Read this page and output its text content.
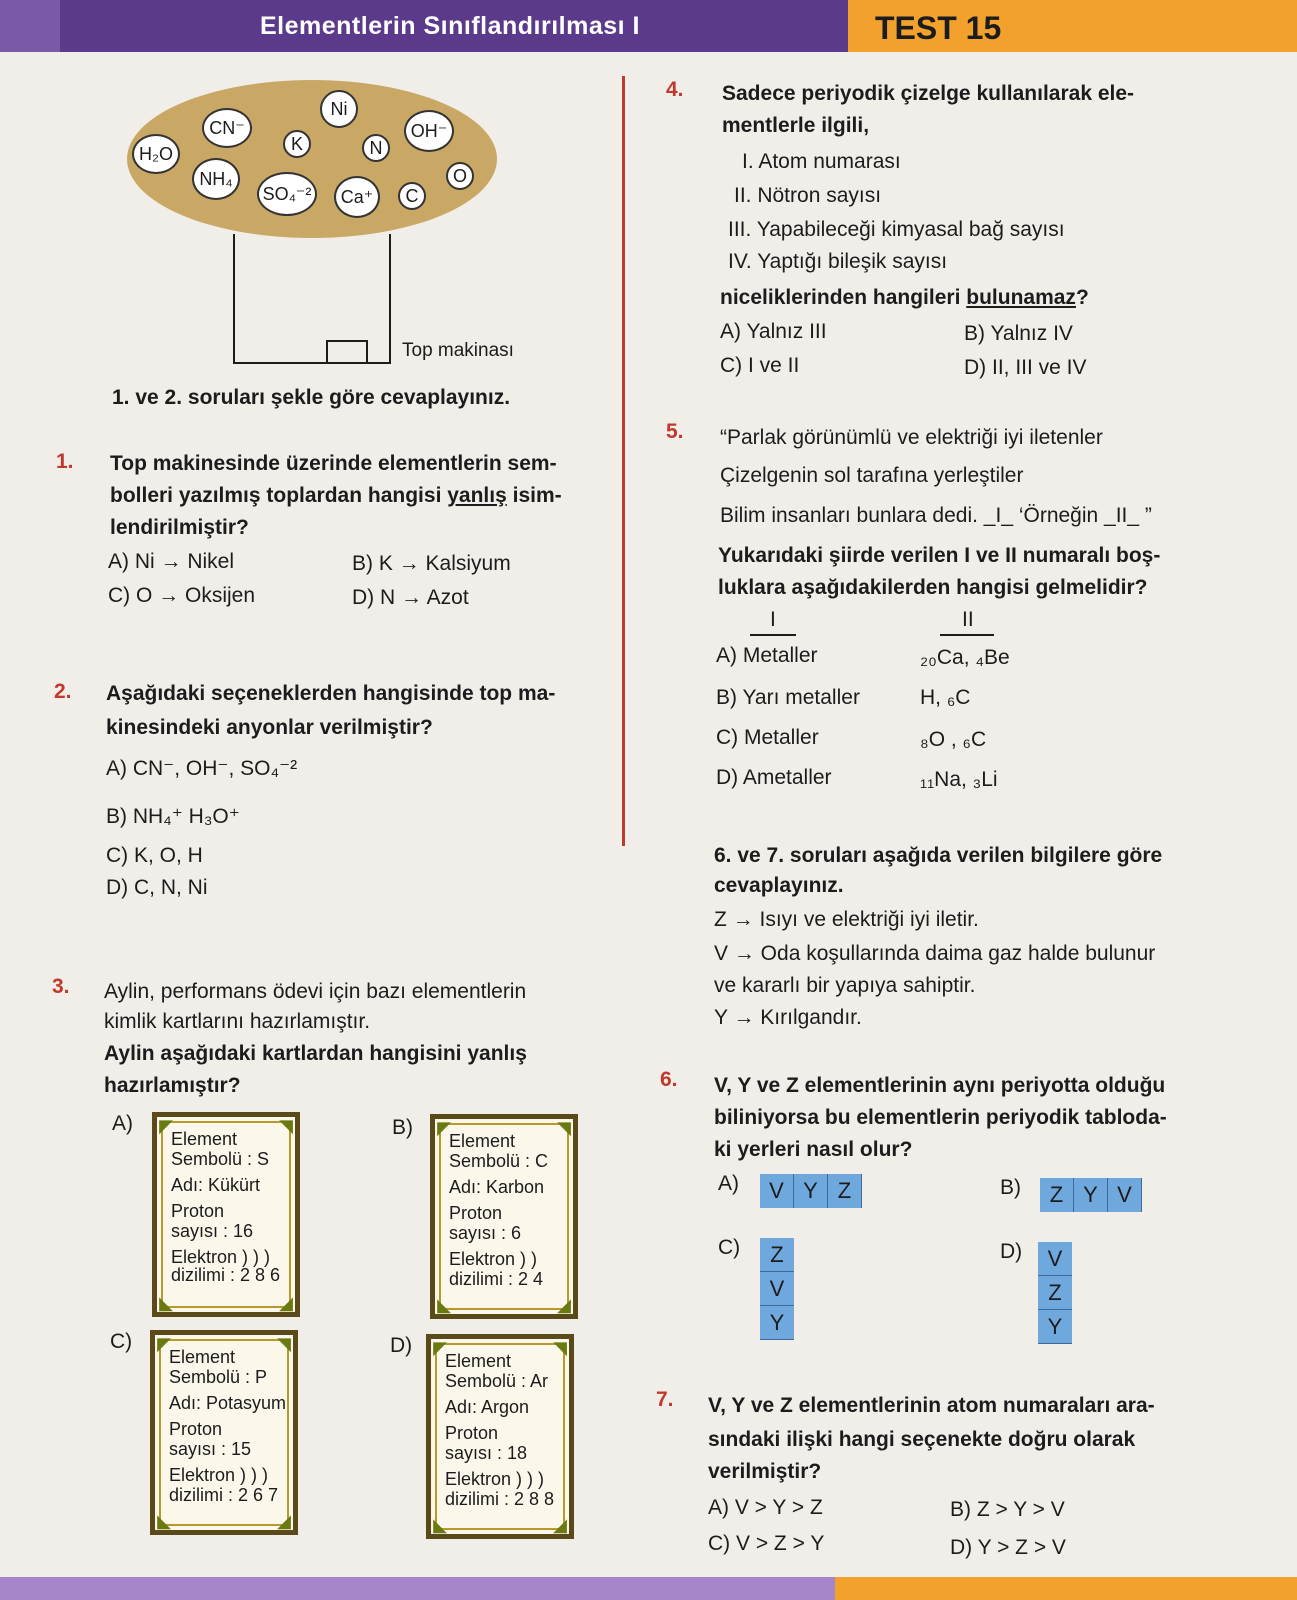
Elementlerin Sınıflandırılması I	TEST 15
H₂O
CN⁻
K
Ni
N
OH⁻
NH₄
SO₄⁻²	Ca⁺	C
O
Top makinası
1. ve 2. soruları şekle göre cevaplayınız.
1. Top makinesinde üzerinde elementlerin sem-
bolleri yazılmış toplardan hangisi yanlış isim-
lendirilmiştir?
A) Ni → Nikel	B) K → Kalsiyum
C) O → Oksijen	D) N → Azot
2. Aşağıdaki seçeneklerden hangisinde top ma-
kinesindeki anyonlar verilmiştir?
A) CN⁻, OH⁻, SO₄⁻²
B) NH₄⁺ H₃O⁺
C) K, O, H
D) C, N, Ni
3. Aylin, performans ödevi için bazı elementlerin
kimlik kartlarını hazırlamıştır.
Aylin aşağıdaki kartlardan hangisini yanlış
hazırlamıştır?
A) ◤	◥
◣	◢
Element
Sembolü : S
Adı: Kükürt
Proton
sayısı : 16
Elektron ) ) )
dizilimi : 2 8 6
B) ◤	◥
◣	◢
Element
Sembolü : C
Adı: Karbon
Proton
sayısı : 6
Elektron ) )
dizilimi : 2 4
C) ◤	◥
◣	◢
Element
Sembolü : P
Adı: Potasyum
Proton
sayısı : 15
Elektron ) ) )
dizilimi : 2 6 7
D) ◤	◥
◣	◢
Element
Sembolü : Ar
Adı: Argon
Proton
sayısı : 18
Elektron ) ) )
dizilimi : 2 8 8
4. Sadece periyodik çizelge kullanılarak ele-
mentlerle ilgili,
I. Atom numarası
II. Nötron sayısı
III. Yapabileceği kimyasal bağ sayısı
IV. Yaptığı bileşik sayısı
niceliklerinden hangileri bulunamaz?
A) Yalnız III	B) Yalnız IV
C) I ve II	D) II, III ve IV
5. “Parlak görünümlü ve elektriği iyi iletenler
Çizelgenin sol tarafına yerleştiler
Bilim insanları bunlara dedi. _I_ ‘Örneğin _II_ ”
Yukarıdaki şiirde verilen I ve II numaralı boş-
luklara aşağıdakilerden hangisi gelmelidir?
I	II
A) Metaller	₂₀Ca, ₄Be
B) Yarı metaller	H, ₆C
C) Metaller	₈O , ₆C
D) Ametaller	₁₁Na, ₃Li
6. ve 7. soruları aşağıda verilen bilgilere göre
cevaplayınız.
Z → Isıyı ve elektriği iyi iletir.
V → Oda koşullarında daima gaz halde bulunur
ve kararlı bir yapıya sahiptir.
Y → Kırılgandır.
6. V, Y ve Z elementlerinin aynı periyotta olduğu
biliniyorsa bu elementlerin periyodik tabloda-
ki yerleri nasıl olur?
A)	V Y Z	B)	Z Y V
C)	Z
V
Y
D)	V
Z
Y
7. V, Y ve Z elementlerinin atom numaraları ara-
sındaki ilişki hangi seçenekte doğru olarak
verilmiştir?
A) V > Y > Z	B) Z > Y > V
C) V > Z > Y	D) Y > Z > V
